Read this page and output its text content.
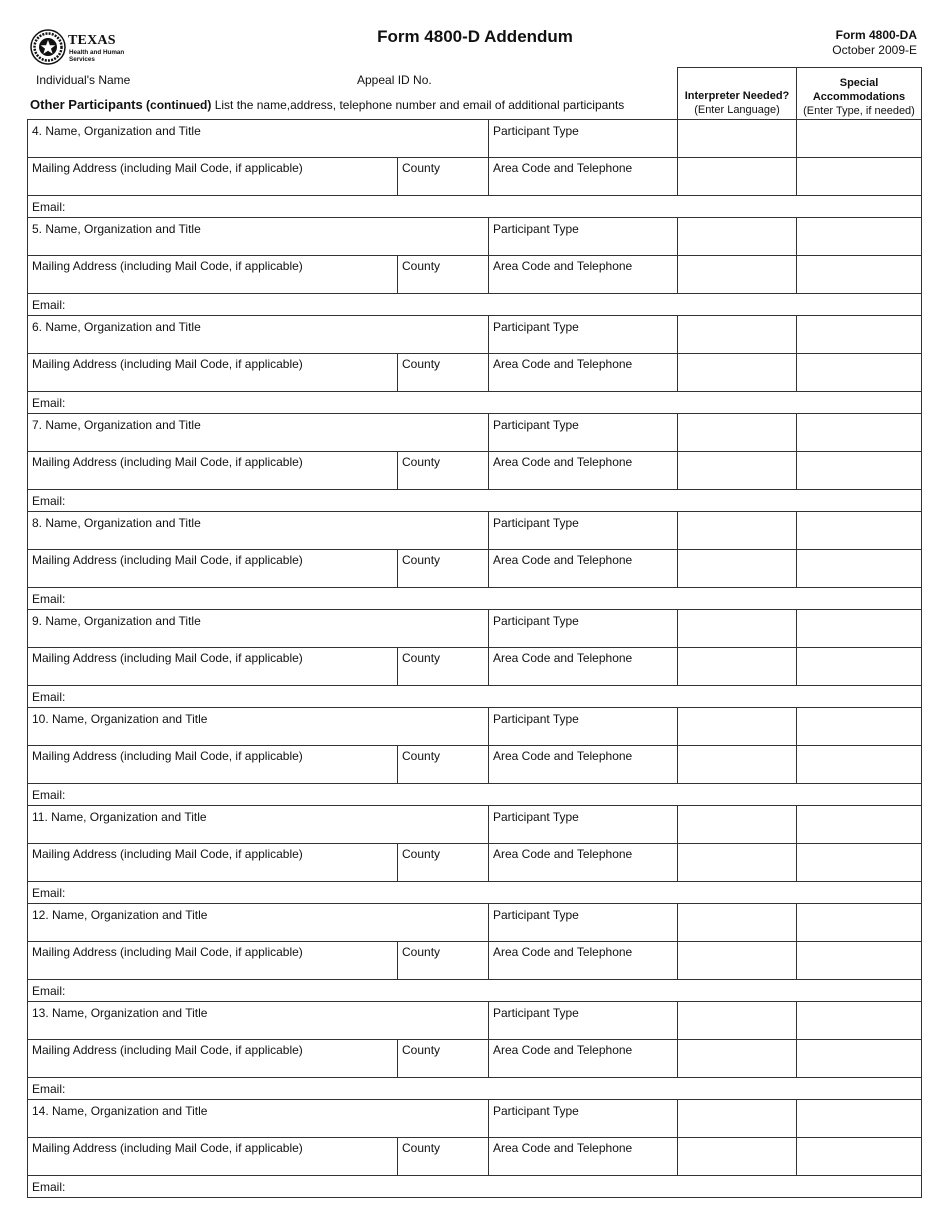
TEXAS
Health and Human Services
Form 4800-D Addendum	Form 4800-DA
October 2009-E
Individual's Name	Appeal ID No.
Other Participants (continued) List the name,address, telephone number and email of additional participants
Interpreter Needed?
(Enter Language)
Special
Accommodations
(Enter Type, if needed)
4. Name, Organization and Title	Participant Type
Mailing Address (including Mail Code, if applicable)	County	Area Code and Telephone
Email:
5. Name, Organization and Title	Participant Type
Mailing Address (including Mail Code, if applicable)	County	Area Code and Telephone
Email:
6. Name, Organization and Title	Participant Type
Mailing Address (including Mail Code, if applicable)	County	Area Code and Telephone
Email:
7. Name, Organization and Title	Participant Type
Mailing Address (including Mail Code, if applicable)	County	Area Code and Telephone
Email:
8. Name, Organization and Title	Participant Type
Mailing Address (including Mail Code, if applicable)	County	Area Code and Telephone
Email:
9. Name, Organization and Title	Participant Type
Mailing Address (including Mail Code, if applicable)	County	Area Code and Telephone
Email:
10. Name, Organization and Title	Participant Type
Mailing Address (including Mail Code, if applicable)	County	Area Code and Telephone
Email:
11. Name, Organization and Title	Participant Type
Mailing Address (including Mail Code, if applicable)	County	Area Code and Telephone
Email:
12. Name, Organization and Title	Participant Type
Mailing Address (including Mail Code, if applicable)	County	Area Code and Telephone
Email:
13. Name, Organization and Title	Participant Type
Mailing Address (including Mail Code, if applicable)	County	Area Code and Telephone
Email:
14. Name, Organization and Title	Participant Type
Mailing Address (including Mail Code, if applicable)	County	Area Code and Telephone
Email:
